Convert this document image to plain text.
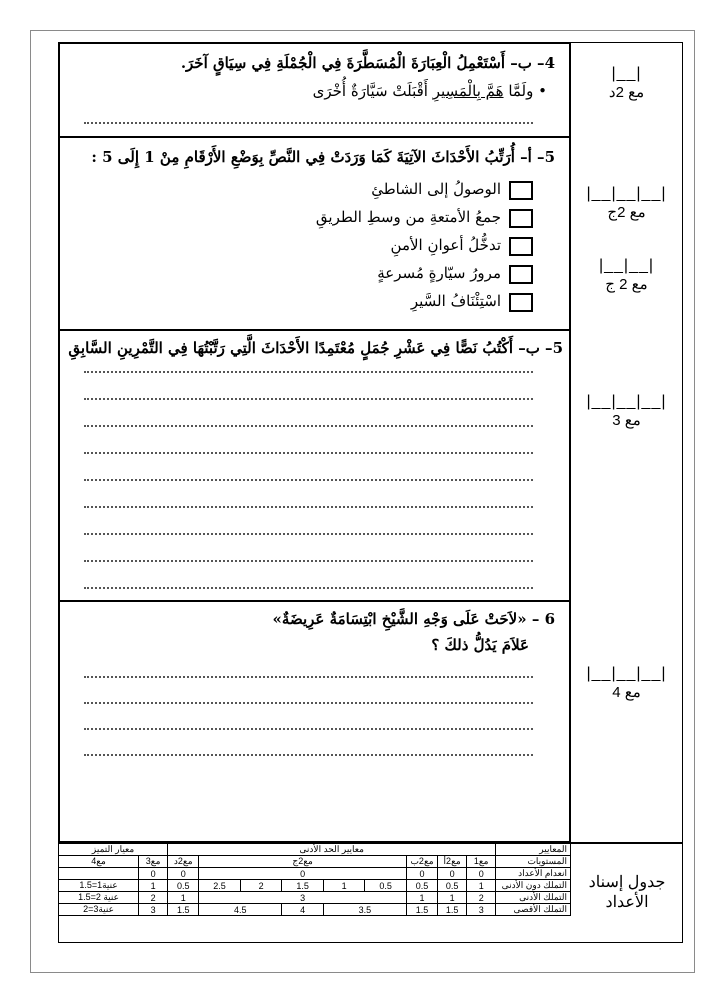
4– ب– أَسْتَعْمِلُ الْعِبَارَةَ الْمُسَطَّرَةَ فِي الْجُمْلَةِ فِي سِيَاقٍ آخَرَ.
• ولَمَّا هَمَّ بِالْمَسِيرِ أَقْبَلَتْ سَيَّارَةٌ أُخْرَى
5– أ– أُرَتِّبُ الأَحْدَاثَ الآتِيَةَ كَمَا وَرَدَتْ فِي النَّصِّ بِوَضْعِ الأَرْقَامِ مِنْ 1 إِلَى 5 :
الوصولُ إلى الشاطئِ
جمعُ الأمتعةِ من وسطِ الطريقِ
تدخُّلُ أعوانِ الأمنِ
مرورُ سيّارةٍ مُسرعةٍ
اسْتِئْنَافُ السَّيرِ
5– ب– أَكْتُبُ نَصًّا فِي عَشْرِ جُمَلٍ مُعْتَمِدًا الأَحْدَاثَ الَّتِي رَتَّبْتُهَا فِي التَّمْرِينِ السَّابِقِ
6 – «لاَحَتْ عَلَى وَجْهِ الشَّيْخِ ابْتِسَامَةٌ عَرِيضَةٌ»
عَلاَمَ يَدُلُّ ذلكَ ؟
|__|
مع 2د
|__|__|__|
مع 2ج
|__|__|
مع 2 ج
|__|__|__|
مع 3
|__|__|__|
مع 4
المعايير	معايير الحد الأدنى									معيار التميز	
المستويات	مع1	مع2أ	مع2ب	مع2ج					مع2د	مع3	مع4
انعدام الأعداد	0	0	0	0					0	0	
التملك دون الأدنى	1	0.5	0.5	0.5	1	1.5	2	2.5	0.5	1	عنية1=1.5
التملك الأدنى	2	1	1	3					1	2	عنية 2=1.5
التملك الأقصى	3	1.5	1.5	3.5		4	4.5		1.5	3	عنية3=2
جدول إسناد
الأعداد
